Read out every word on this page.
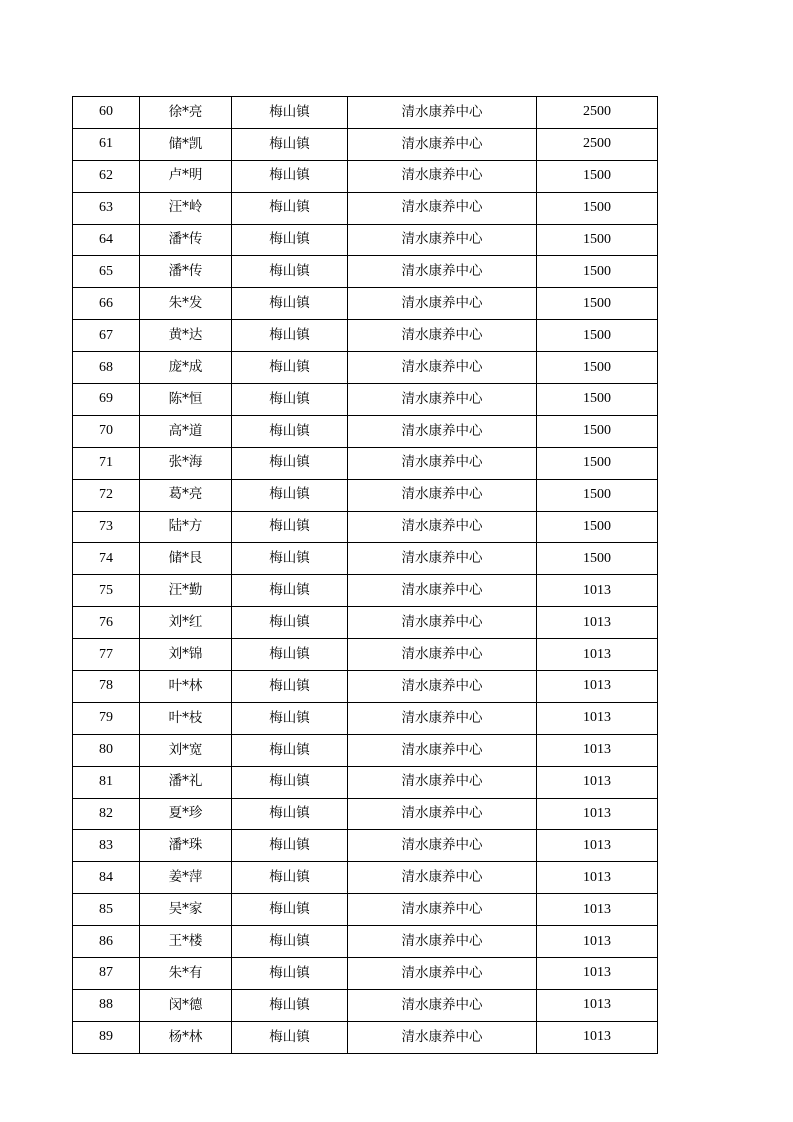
60	徐*亮	梅山镇	清水康养中心	2500
61	储*凯	梅山镇	清水康养中心	2500
62	卢*明	梅山镇	清水康养中心	1500
63	汪*岭	梅山镇	清水康养中心	1500
64	潘*传	梅山镇	清水康养中心	1500
65	潘*传	梅山镇	清水康养中心	1500
66	朱*发	梅山镇	清水康养中心	1500
67	黄*达	梅山镇	清水康养中心	1500
68	庞*成	梅山镇	清水康养中心	1500
69	陈*恒	梅山镇	清水康养中心	1500
70	高*道	梅山镇	清水康养中心	1500
71	张*海	梅山镇	清水康养中心	1500
72	葛*亮	梅山镇	清水康养中心	1500
73	陆*方	梅山镇	清水康养中心	1500
74	储*艮	梅山镇	清水康养中心	1500
75	汪*勤	梅山镇	清水康养中心	1013
76	刘*红	梅山镇	清水康养中心	1013
77	刘*锦	梅山镇	清水康养中心	1013
78	叶*林	梅山镇	清水康养中心	1013
79	叶*枝	梅山镇	清水康养中心	1013
80	刘*宽	梅山镇	清水康养中心	1013
81	潘*礼	梅山镇	清水康养中心	1013
82	夏*珍	梅山镇	清水康养中心	1013
83	潘*珠	梅山镇	清水康养中心	1013
84	姜*萍	梅山镇	清水康养中心	1013
85	吴*家	梅山镇	清水康养中心	1013
86	王*楼	梅山镇	清水康养中心	1013
87	朱*有	梅山镇	清水康养中心	1013
88	闵*德	梅山镇	清水康养中心	1013
89	杨*林	梅山镇	清水康养中心	1013
